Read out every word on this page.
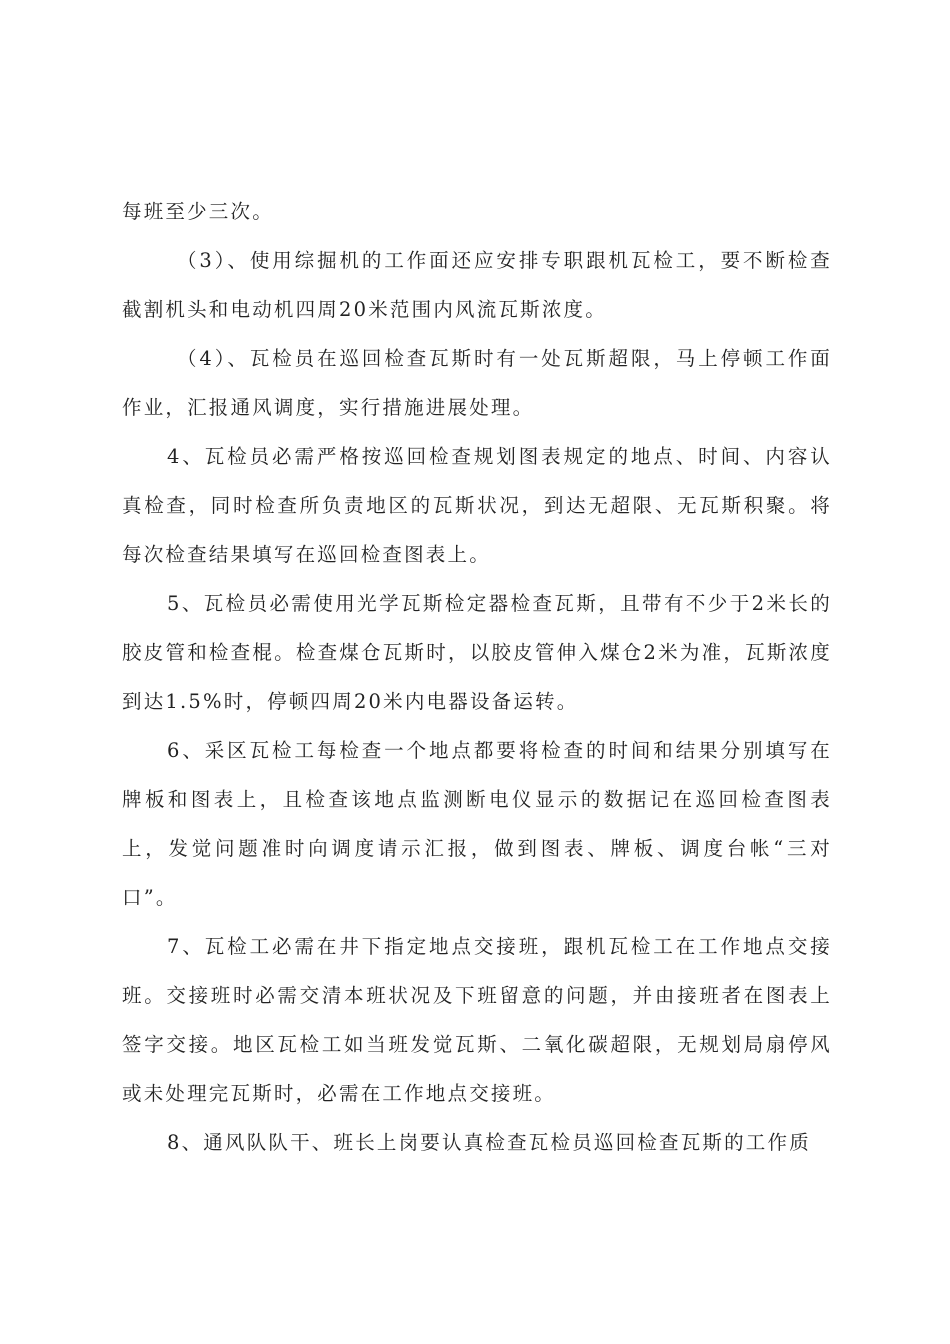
每班至少三次。

（3）、使用综掘机的工作面还应安排专职跟机瓦检工，要不断检查截割机头和电动机四周20米范围内风流瓦斯浓度。

（4）、瓦检员在巡回检查瓦斯时有一处瓦斯超限，马上停顿工作面作业，汇报通风调度，实行措施进展处理。

4、瓦检员必需严格按巡回检查规划图表规定的地点、时间、内容认真检查，同时检查所负责地区的瓦斯状况，到达无超限、无瓦斯积聚。将每次检查结果填写在巡回检查图表上。

5、瓦检员必需使用光学瓦斯检定器检查瓦斯，且带有不少于2米长的胶皮管和检查棍。检查煤仓瓦斯时，以胶皮管伸入煤仓2米为准，瓦斯浓度到达1.5%时，停顿四周20米内电器设备运转。

6、采区瓦检工每检查一个地点都要将检查的时间和结果分别填写在牌板和图表上，且检查该地点监测断电仪显示的数据记在巡回检查图表上，发觉问题准时向调度请示汇报，做到图表、牌板、调度台帐“三对口”。

7、瓦检工必需在井下指定地点交接班，跟机瓦检工在工作地点交接班。交接班时必需交清本班状况及下班留意的问题，并由接班者在图表上签字交接。地区瓦检工如当班发觉瓦斯、二氧化碳超限，无规划局扇停风或未处理完瓦斯时，必需在工作地点交接班。

8、通风队队干、班长上岗要认真检查瓦检员巡回检查瓦斯的工作质
